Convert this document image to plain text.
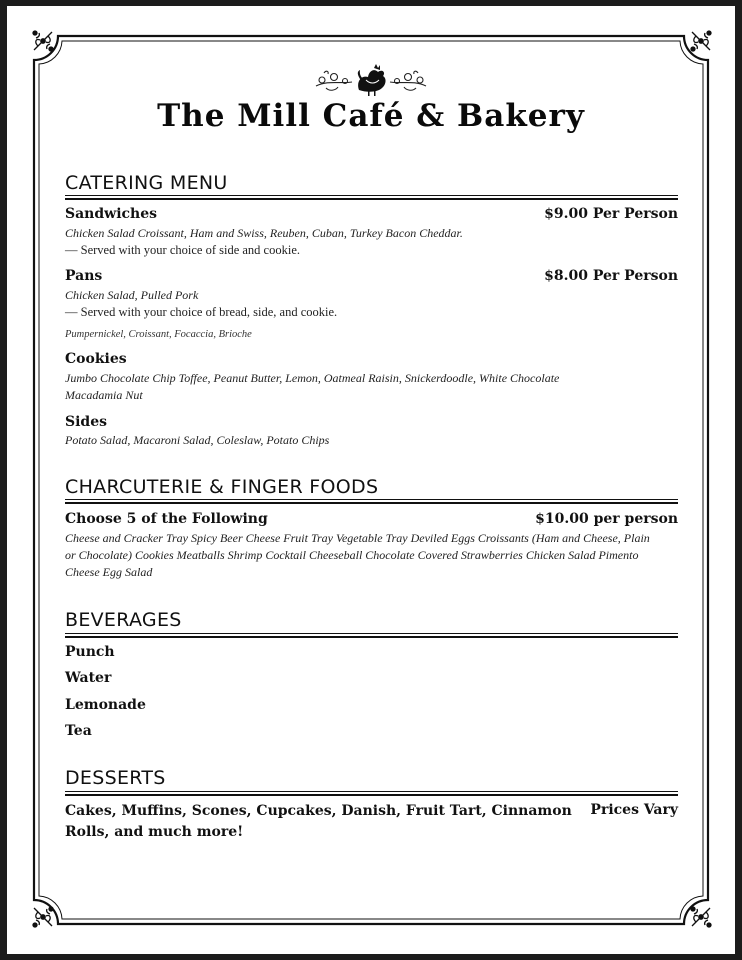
The Mill Café & Bakery
CATERING MENU
Sandwiches	$9.00 Per Person
Chicken Salad Croissant, Ham and Swiss, Reuben, Cuban, Turkey Bacon Cheddar.
— Served with your choice of side and cookie.
Pans	$8.00 Per Person
Chicken Salad, Pulled Pork
— Served with your choice of bread, side, and cookie.
Pumpernickel, Croissant, Focaccia, Brioche
Cookies
Jumbo Chocolate Chip Toffee, Peanut Butter, Lemon, Oatmeal Raisin, Snickerdoodle, White Chocolate Macadamia Nut
Sides
Potato Salad, Macaroni Salad, Coleslaw, Potato Chips
CHARCUTERIE & FINGER FOODS
Choose 5 of the Following	$10.00 per person
Cheese and Cracker Tray Spicy Beer Cheese Fruit Tray Vegetable Tray Deviled Eggs Croissants (Ham and Cheese, Plain or Chocolate) Cookies Meatballs Shrimp Cocktail Cheeseball Chocolate Covered Strawberries Chicken Salad Pimento Cheese Egg Salad
BEVERAGES
Punch
Water
Lemonade
Tea
DESSERTS
Cakes, Muffins, Scones, Cupcakes, Danish, Fruit Tart, Cinnamon Rolls, and much more!
Prices Vary
